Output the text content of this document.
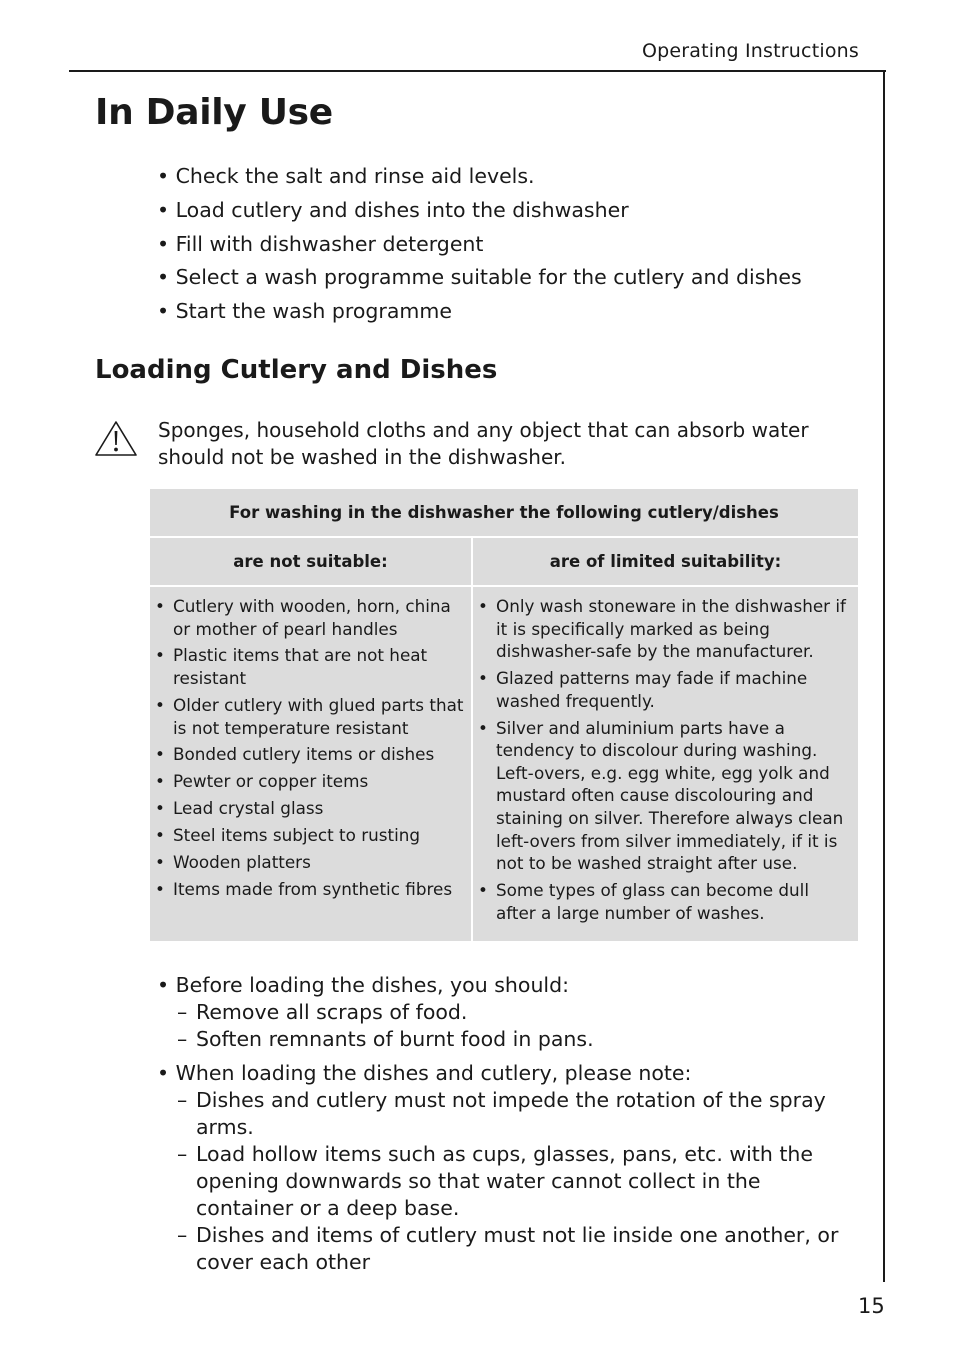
Operating Instructions
In Daily Use
• Check the salt and rinse aid levels.
• Load cutlery and dishes into the dishwasher
• Fill with dishwasher detergent
• Select a wash programme suitable for the cutlery and dishes
• Start the wash programme
Loading Cutlery and Dishes

Sponges, household cloths and any object that can absorb water should not be washed in the dishwasher.

For washing in the dishwasher the following cutlery/dishes
are not suitable:
• Cutlery with wooden, horn, china or mother of pearl handles
• Plastic items that are not heat resistant
• Older cutlery with glued parts that is not temperature resistant
• Bonded cutlery items or dishes
• Pewter or copper items
• Lead crystal glass
• Steel items subject to rusting
• Wooden platters
• Items made from synthetic fibres
are of limited suitability:
• Only wash stoneware in the dishwasher if it is specifically marked as being dishwasher-safe by the manufacturer.
• Glazed patterns may fade if machine washed frequently.
• Silver and aluminium parts have a tendency to discolour during washing. Left-overs, e.g. egg white, egg yolk and mustard often cause discolouring and staining on silver. Therefore always clean left-overs from silver immediately, if it is not to be washed straight after use.
• Some types of glass can become dull after a large number of washes.
• Before loading the dishes, you should:
– Remove all scraps of food.
– Soften remnants of burnt food in pans.
• When loading the dishes and cutlery, please note:
– Dishes and cutlery must not impede the rotation of the spray arms.
– Load hollow items such as cups, glasses, pans, etc. with the opening downwards so that water cannot collect in the container or a deep base.
– Dishes and items of cutlery must not lie inside one another, or cover each other
15
